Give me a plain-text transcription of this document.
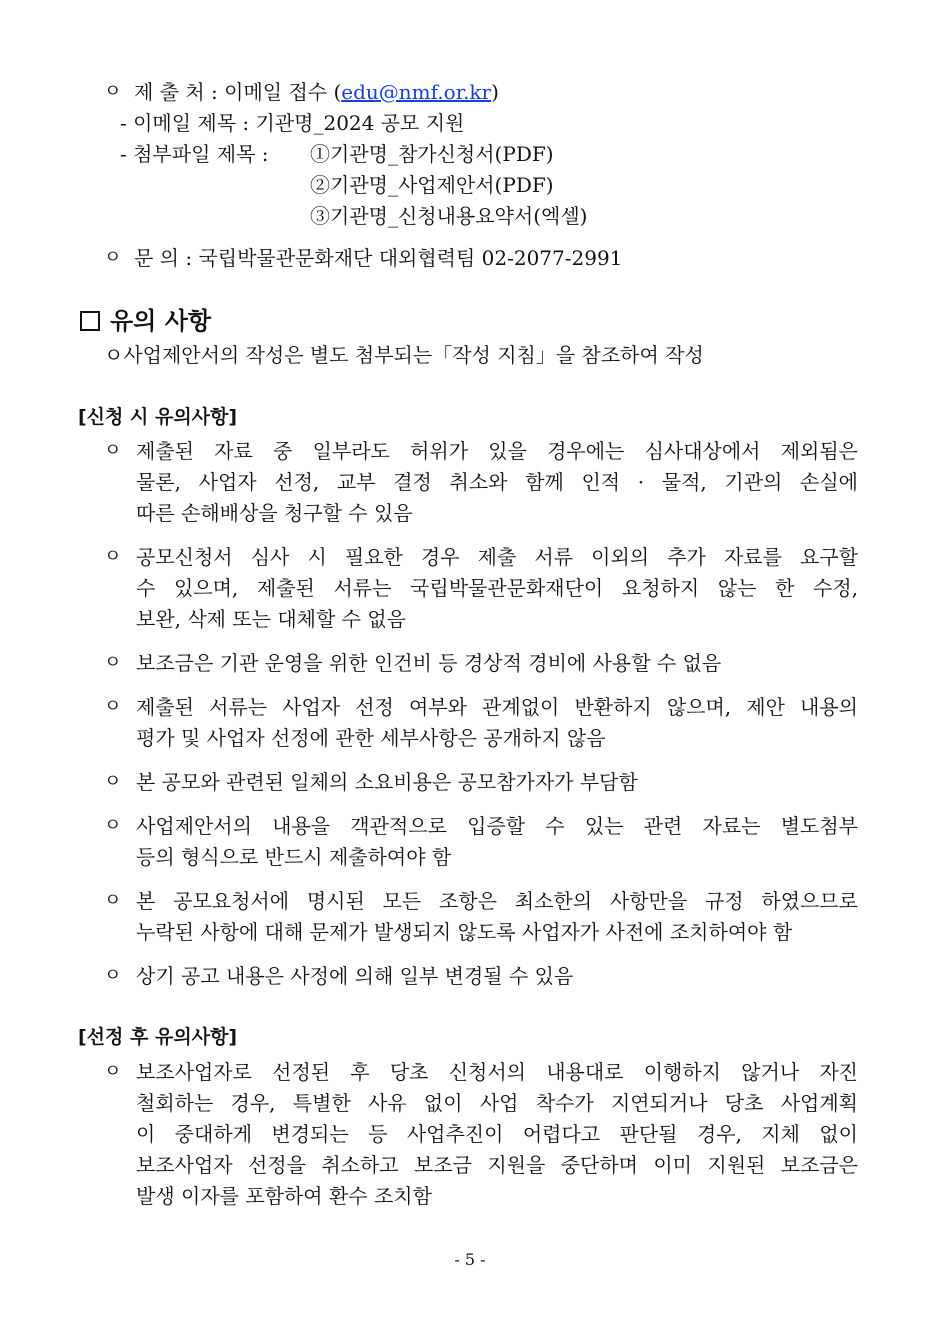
ㅇ 제 출 처 : 이메일 접수 (edu@nmf.or.kr)
- 이메일 제목 : 기관명_2024 공모 지원
- 첨부파일 제목 : ①기관명_참가신청서(PDF)
②기관명_사업제안서(PDF)
③기관명_신청내용요약서(엑셀)
ㅇ 문 의 : 국립박물관문화재단 대외협력팀 02-2077-2991
유의 사항
ㅇ사업제안서의 작성은 별도 첨부되는「작성 지침」을 참조하여 작성
[신청 시 유의사항]
ㅇ 제출된 자료 중 일부라도 허위가 있을 경우에는 심사대상에서 제외됨은
물론, 사업자 선정, 교부 결정 취소와 함께 인적 · 물적, 기관의 손실에
따른 손해배상을 청구할 수 있음
ㅇ 공모신청서 심사 시 필요한 경우 제출 서류 이외의 추가 자료를 요구할
수 있으며, 제출된 서류는 국립박물관문화재단이 요청하지 않는 한 수정,
보완, 삭제 또는 대체할 수 없음
ㅇ 보조금은 기관 운영을 위한 인건비 등 경상적 경비에 사용할 수 없음
ㅇ 제출된 서류는 사업자 선정 여부와 관계없이 반환하지 않으며, 제안 내용의
평가 및 사업자 선정에 관한 세부사항은 공개하지 않음
ㅇ 본 공모와 관련된 일체의 소요비용은 공모참가자가 부담함
ㅇ 사업제안서의 내용을 객관적으로 입증할 수 있는 관련 자료는 별도첨부
등의 형식으로 반드시 제출하여야 함
ㅇ 본 공모요청서에 명시된 모든 조항은 최소한의 사항만을 규정 하였으므로
누락된 사항에 대해 문제가 발생되지 않도록 사업자가 사전에 조치하여야 함
ㅇ 상기 공고 내용은 사정에 의해 일부 변경될 수 있음
[선정 후 유의사항]
ㅇ 보조사업자로 선정된 후 당초 신청서의 내용대로 이행하지 않거나 자진
철회하는 경우, 특별한 사유 없이 사업 착수가 지연되거나 당초 사업계획
이 중대하게 변경되는 등 사업추진이 어렵다고 판단될 경우, 지체 없이
보조사업자 선정을 취소하고 보조금 지원을 중단하며 이미 지원된 보조금은
발생 이자를 포함하여 환수 조치함
- 5 -
